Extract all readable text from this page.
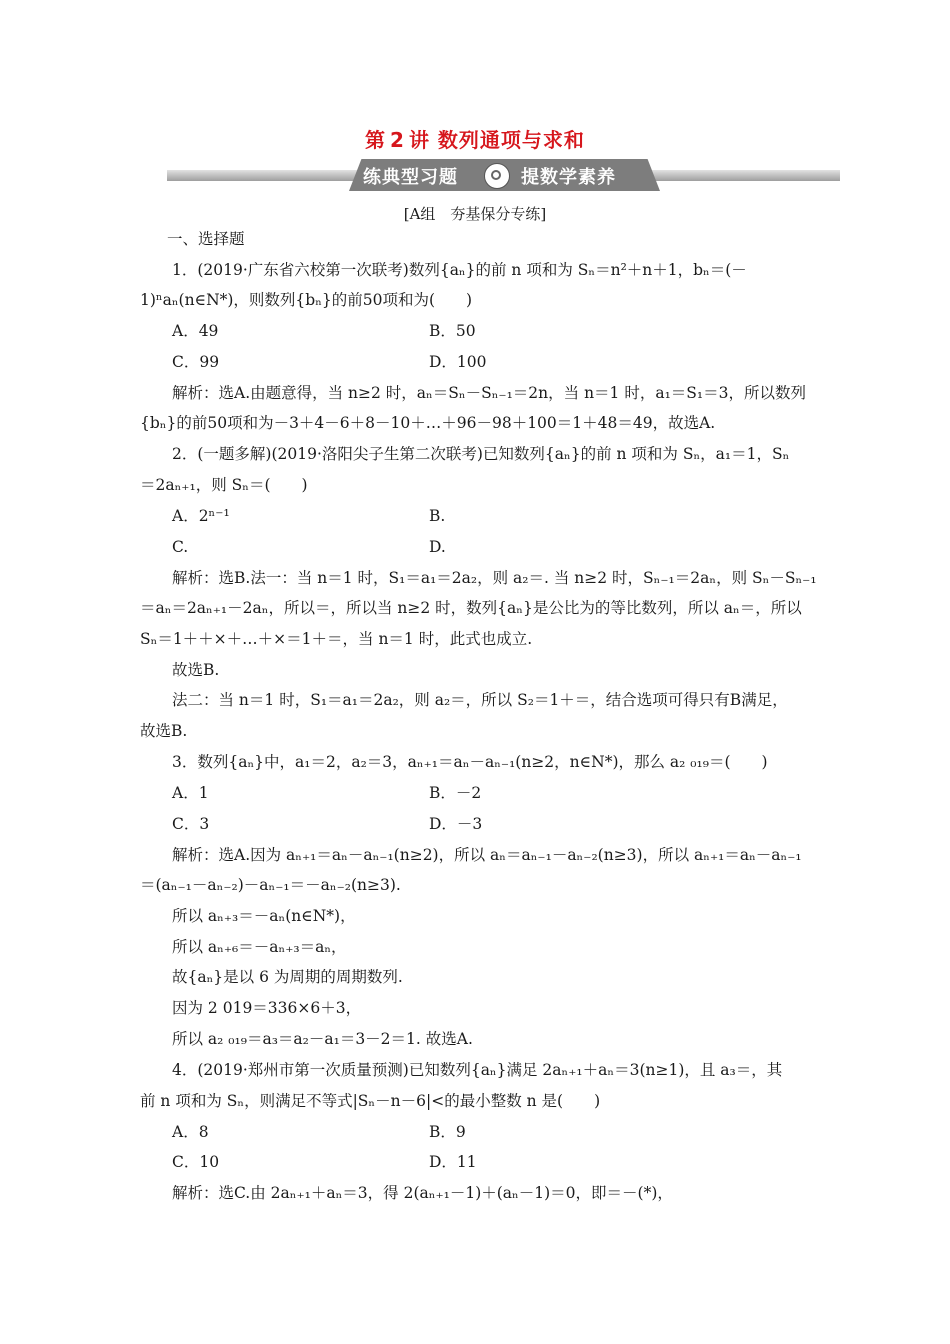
第 2 讲 数列通项与求和
练典型习题	提数学素养
[A组　夯基保分专练]
一、选择题
1．(2019·广东省六校第一次联考)数列{aₙ}的前 n 项和为 Sₙ＝n²＋n＋1，bₙ＝(－
1)ⁿaₙ(n∈N*)，则数列{bₙ}的前50项和为(　　)
A．49	B．50
C．99	D．100
解析：选A.由题意得，当 n≥2 时，aₙ＝Sₙ－Sₙ₋₁＝2n，当 n＝1 时，a₁＝S₁＝3，所以数列
{bₙ}的前50项和为－3＋4－6＋8－10＋…＋96－98＋100＝1＋48＝49，故选A.
2．(一题多解)(2019·洛阳尖子生第二次联考)已知数列{aₙ}的前 n 项和为 Sₙ，a₁＝1，Sₙ
＝2aₙ₊₁，则 Sₙ＝(　　)
A．2ⁿ⁻¹	B.
C.	D.
解析：选B.法一：当 n＝1 时，S₁＝a₁＝2a₂，则 a₂＝. 当 n≥2 时，Sₙ₋₁＝2aₙ，则 Sₙ－Sₙ₋₁
＝aₙ＝2aₙ₊₁－2aₙ，所以＝，所以当 n≥2 时，数列{aₙ}是公比为的等比数列，所以 aₙ＝，所以
Sₙ＝1＋＋×＋…＋×＝1＋＝，当 n＝1 时，此式也成立.
故选B.
法二：当 n＝1 时，S₁＝a₁＝2a₂，则 a₂＝，所以 S₂＝1＋＝，结合选项可得只有B满足，
故选B.
3．数列{aₙ}中，a₁＝2，a₂＝3，aₙ₊₁＝aₙ－aₙ₋₁(n≥2，n∈N*)，那么 a₂ ₀₁₉＝(　　)
A．1	B．－2
C．3	D．－3
解析：选A.因为 aₙ₊₁＝aₙ－aₙ₋₁(n≥2)，所以 aₙ＝aₙ₋₁－aₙ₋₂(n≥3)，所以 aₙ₊₁＝aₙ－aₙ₋₁
＝(aₙ₋₁－aₙ₋₂)－aₙ₋₁＝－aₙ₋₂(n≥3).
所以 aₙ₊₃＝－aₙ(n∈N*)，
所以 aₙ₊₆＝－aₙ₊₃＝aₙ，
故{aₙ}是以 6 为周期的周期数列.
因为 2 019＝336×6＋3，
所以 a₂ ₀₁₉＝a₃＝a₂－a₁＝3－2＝1. 故选A.
4．(2019·郑州市第一次质量预测)已知数列{aₙ}满足 2aₙ₊₁＋aₙ＝3(n≥1)，且 a₃＝，其
前 n 项和为 Sₙ，则满足不等式|Sₙ－n－6|<的最小整数 n 是(　　)
A．8	B．9
C．10	D．11
解析：选C.由 2aₙ₊₁＋aₙ＝3，得 2(aₙ₊₁－1)＋(aₙ－1)＝0，即＝－(*)，
